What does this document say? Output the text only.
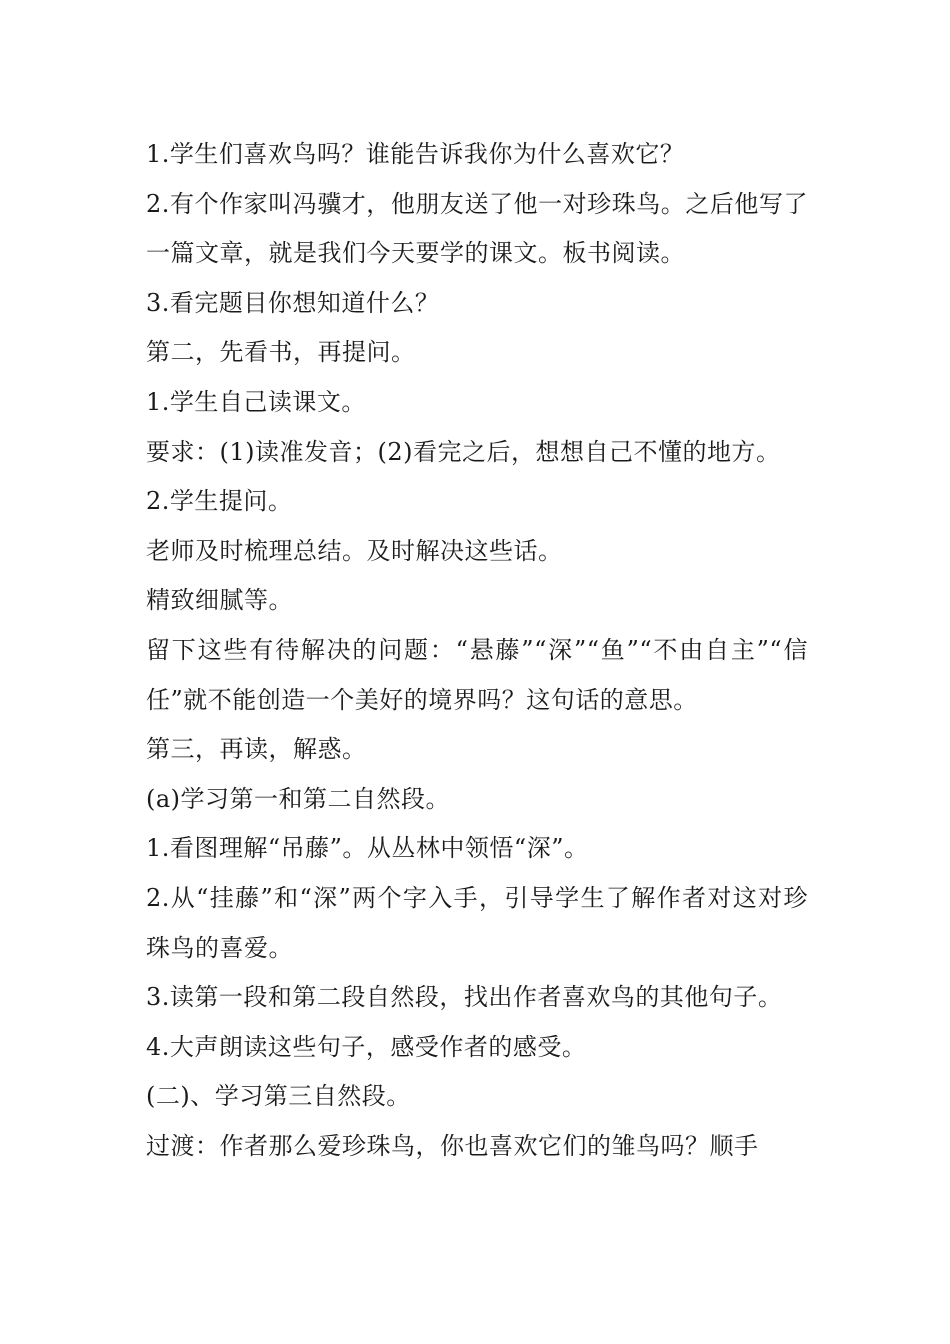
1.学生们喜欢鸟吗？谁能告诉我你为什么喜欢它？

2.有个作家叫冯骥才，他朋友送了他一对珍珠鸟。之后他写了一篇文章，就是我们今天要学的课文。板书阅读。

3.看完题目你想知道什么？

第二，先看书，再提问。

1.学生自己读课文。

要求：(1)读准发音；(2)看完之后，想想自己不懂的地方。

2.学生提问。

老师及时梳理总结。及时解决这些话。

精致细腻等。

留下这些有待解决的问题：“悬藤”“深”“鱼”“不由自主”“信任”就不能创造一个美好的境界吗？这句话的意思。

第三，再读，解惑。

(a)学习第一和第二自然段。

1.看图理解“吊藤”。从丛林中领悟“深”。

2.从“挂藤”和“深”两个字入手，引导学生了解作者对这对珍珠鸟的喜爱。

3.读第一段和第二段自然段，找出作者喜欢鸟的其他句子。

4.大声朗读这些句子，感受作者的感受。

(二)、学习第三自然段。

过渡：作者那么爱珍珠鸟，你也喜欢它们的雏鸟吗？顺手
